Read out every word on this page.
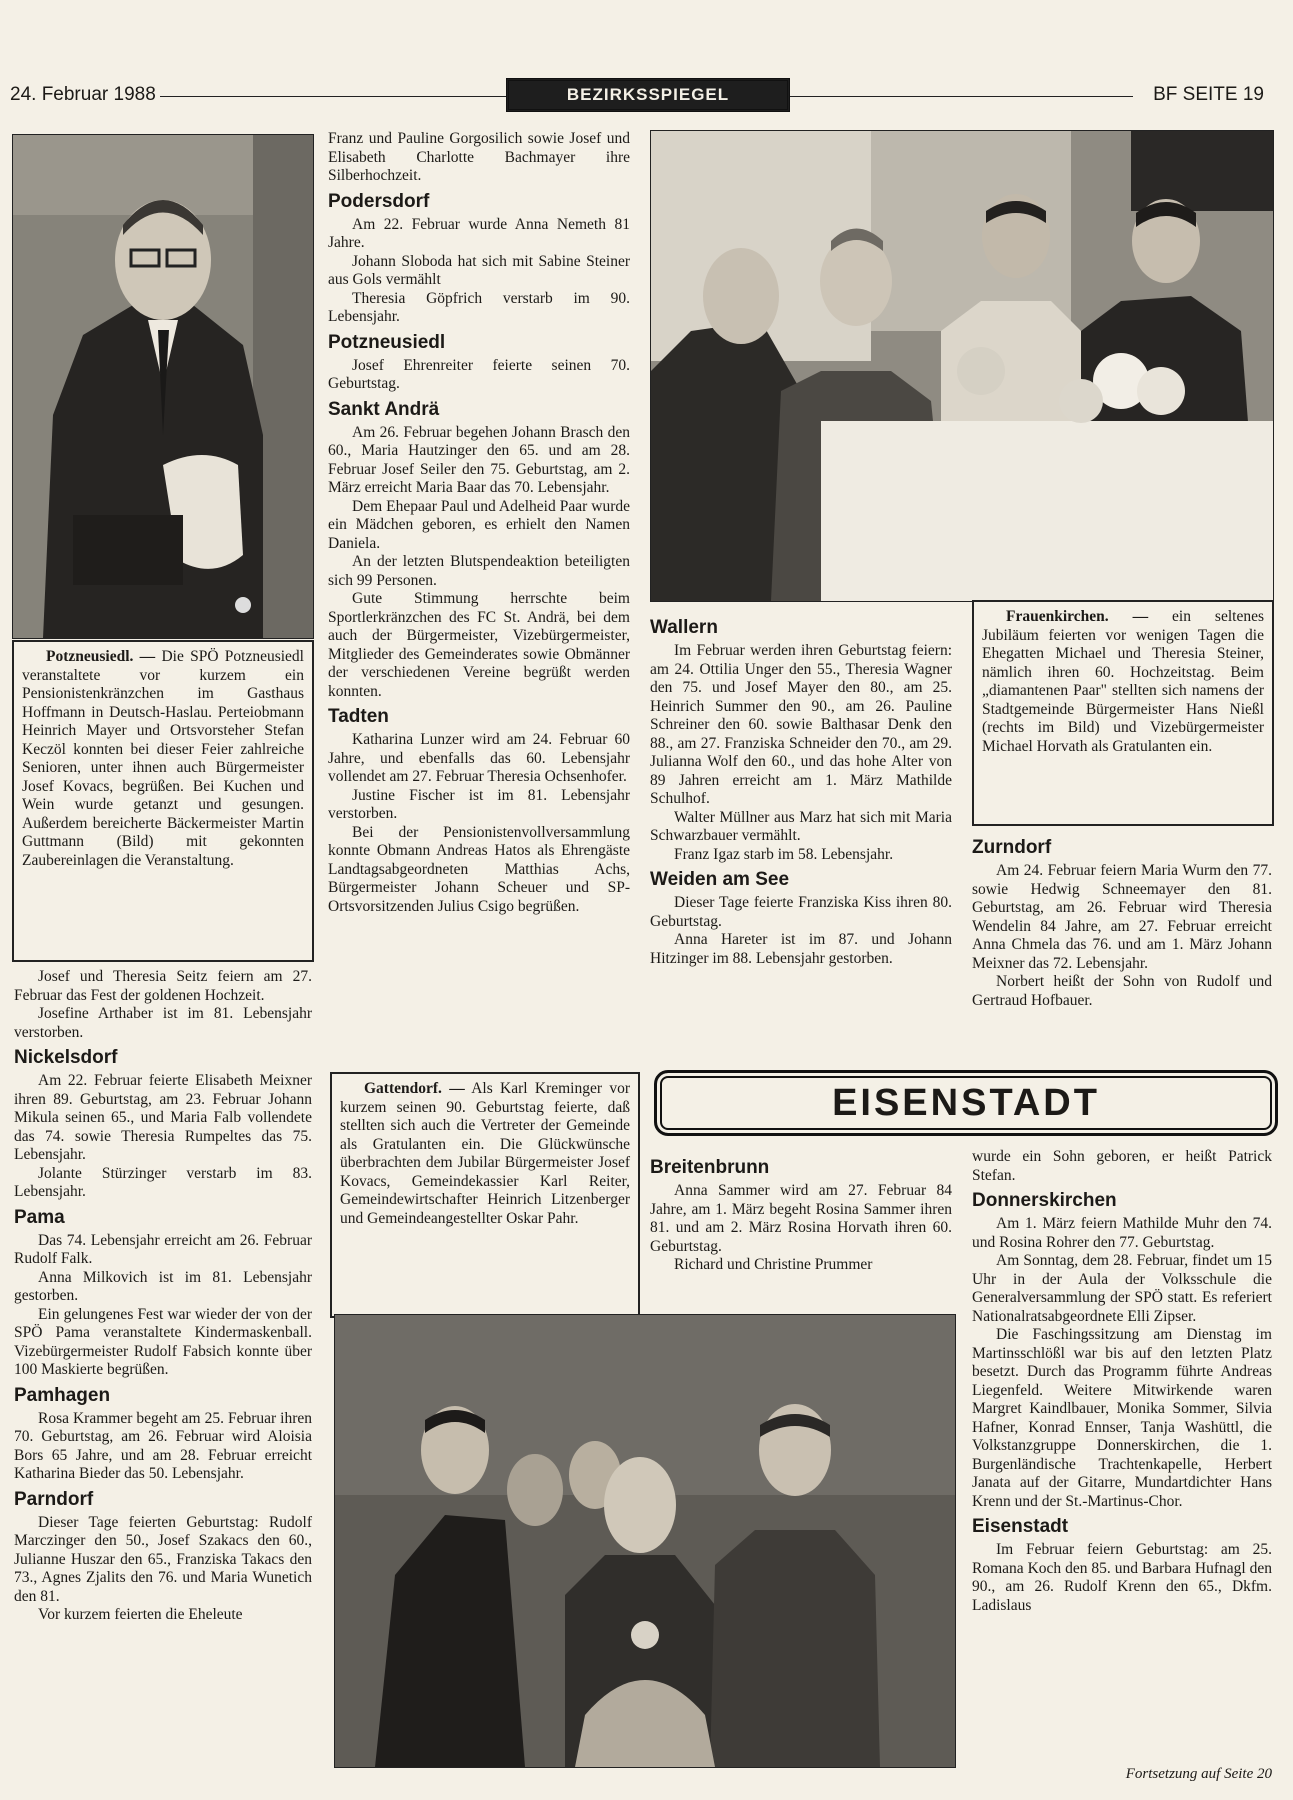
24. Februar 1988	BEZIRKSSPIEGEL	BF SEITE 19

Potzneusiedl. — Die SPÖ Potzneusiedl veranstaltete vor kurzem ein Pensionistenkränzchen im Gasthaus Hoffmann in Deutsch-Haslau. Perteiobmann Heinrich Mayer und Ortsvorsteher Stefan Keczöl konnten bei dieser Feier zahlreiche Senioren, unter ihnen auch Bürgermeister Josef Kovacs, begrüßen. Bei Kuchen und Wein wurde getanzt und gesungen. Außerdem bereicherte Bäckermeister Martin Guttmann (Bild) mit gekonnten Zaubereinlagen die Veranstaltung.

Josef und Theresia Seitz feiern am 27. Februar das Fest der goldenen Hochzeit.

Josefine Arthaber ist im 81. Lebensjahr verstorben.

Nickelsdorf

Am 22. Februar feierte Elisabeth Meixner ihren 89. Geburtstag, am 23. Februar Johann Mikula seinen 65., und Maria Falb vollendete das 74. sowie Theresia Rumpeltes das 75. Lebensjahr.

Jolante Stürzinger verstarb im 83. Lebensjahr.

Pama

Das 74. Lebensjahr erreicht am 26. Februar Rudolf Falk.

Anna Milkovich ist im 81. Lebensjahr gestorben.

Ein gelungenes Fest war wieder der von der SPÖ Pama veranstaltete Kindermaskenball. Vizebürgermeister Rudolf Fabsich konnte über 100 Maskierte begrüßen.

Pamhagen

Rosa Krammer begeht am 25. Februar ihren 70. Geburtstag, am 26. Februar wird Aloisia Bors 65 Jahre, und am 28. Februar erreicht Katharina Bieder das 50. Lebensjahr.

Parndorf

Dieser Tage feierten Geburtstag: Rudolf Marczinger den 50., Josef Szakacs den 60., Julianne Huszar den 65., Franziska Takacs den 73., Agnes Zjalits den 76. und Maria Wunetich den 81.

Vor kurzem feierten die Eheleute

Franz und Pauline Gorgosilich sowie Josef und Elisabeth Charlotte Bachmayer ihre Silberhochzeit.

Podersdorf

Am 22. Februar wurde Anna Nemeth 81 Jahre.

Johann Sloboda hat sich mit Sabine Steiner aus Gols vermählt

Theresia Göpfrich verstarb im 90. Lebensjahr.

Potzneusiedl

Josef Ehrenreiter feierte seinen 70. Geburtstag.

Sankt Andrä

Am 26. Februar begehen Johann Brasch den 60., Maria Hautzinger den 65. und am 28. Februar Josef Seiler den 75. Geburtstag, am 2. März erreicht Maria Baar das 70. Lebensjahr.

Dem Ehepaar Paul und Adelheid Paar wurde ein Mädchen geboren, es erhielt den Namen Daniela.

An der letzten Blutspendeaktion beteiligten sich 99 Personen.

Gute Stimmung herrschte beim Sportlerkränzchen des FC St. Andrä, bei dem auch der Bürgermeister, Vizebürgermeister, Mitglieder des Gemeinderates sowie Obmänner der verschiedenen Vereine begrüßt werden konnten.

Tadten

Katharina Lunzer wird am 24. Februar 60 Jahre, und ebenfalls das 60. Lebensjahr vollendet am 27. Februar Theresia Ochsenhofer.

Justine Fischer ist im 81. Lebensjahr verstorben.

Bei der Pensionistenvollversammlung konnte Obmann Andreas Hatos als Ehrengäste Landtagsabgeordneten Matthias Achs, Bürgermeister Johann Scheuer und SP-Ortsvorsitzenden Julius Csigo begrüßen.

Wallern

Im Februar werden ihren Geburtstag feiern: am 24. Ottilia Unger den 55., Theresia Wagner den 75. und Josef Mayer den 80., am 25. Heinrich Summer den 90., am 26. Pauline Schreiner den 60. sowie Balthasar Denk den 88., am 27. Franziska Schneider den 70., am 29. Julianna Wolf den 60., und das hohe Alter von 89 Jahren erreicht am 1. März Mathilde Schulhof.

Walter Müllner aus Marz hat sich mit Maria Schwarzbauer vermählt.

Franz Igaz starb im 58. Lebensjahr.

Weiden am See

Dieser Tage feierte Franziska Kiss ihren 80. Geburtstag.

Anna Hareter ist im 87. und Johann Hitzinger im 88. Lebensjahr gestorben.

Frauenkirchen. — ein seltenes Jubiläum feierten vor wenigen Tagen die Ehegatten Michael und Theresia Steiner, nämlich ihren 60. Hochzeitstag. Beim „diamantenen Paar" stellten sich namens der Stadtgemeinde Bürgermeister Hans Nießl (rechts im Bild) und Vizebürgermeister Michael Horvath als Gratulanten ein.

Zurndorf

Am 24. Februar feiern Maria Wurm den 77. sowie Hedwig Schneemayer den 81. Geburtstag, am 26. Februar wird Theresia Wendelin 84 Jahre, am 27. Februar erreicht Anna Chmela das 76. und am 1. März Johann Meixner das 72. Lebensjahr.

Norbert heißt der Sohn von Rudolf und Gertraud Hofbauer.

Gattendorf. — Als Karl Kreminger vor kurzem seinen 90. Geburtstag feierte, daß stellten sich auch die Vertreter der Gemeinde als Gratulanten ein. Die Glückwünsche überbrachten dem Jubilar Bürgermeister Josef Kovacs, Gemeindekassier Karl Reiter, Gemeindewirtschafter Heinrich Litzenberger und Gemeindeangestellter Oskar Pahr.

EISENSTADT
Breitenbrunn

Anna Sammer wird am 27. Februar 84 Jahre, am 1. März begeht Rosina Sammer ihren 81. und am 2. März Rosina Horvath ihren 60. Geburtstag.

Richard und Christine Prummer

wurde ein Sohn geboren, er heißt Patrick Stefan.

Donnerskirchen

Am 1. März feiern Mathilde Muhr den 74. und Rosina Rohrer den 77. Geburtstag.

Am Sonntag, dem 28. Februar, findet um 15 Uhr in der Aula der Volksschule die Generalversammlung der SPÖ statt. Es referiert Nationalratsabgeordnete Elli Zipser.

Die Faschingssitzung am Dienstag im Martinsschlößl war bis auf den letzten Platz besetzt. Durch das Programm führte Andreas Liegenfeld. Weitere Mitwirkende waren Margret Kaindlbauer, Monika Sommer, Silvia Hafner, Konrad Ennser, Tanja Washüttl, die Volkstanzgruppe Donnerskirchen, die 1. Burgenländische Trachtenkapelle, Herbert Janata auf der Gitarre, Mundartdichter Hans Krenn und der St.-Martinus-Chor.

Eisenstadt

Im Februar feiern Geburtstag: am 25. Romana Koch den 85. und Barbara Hufnagl den 90., am 26. Rudolf Krenn den 65., Dkfm. Ladislaus

Fortsetzung auf Seite 20
